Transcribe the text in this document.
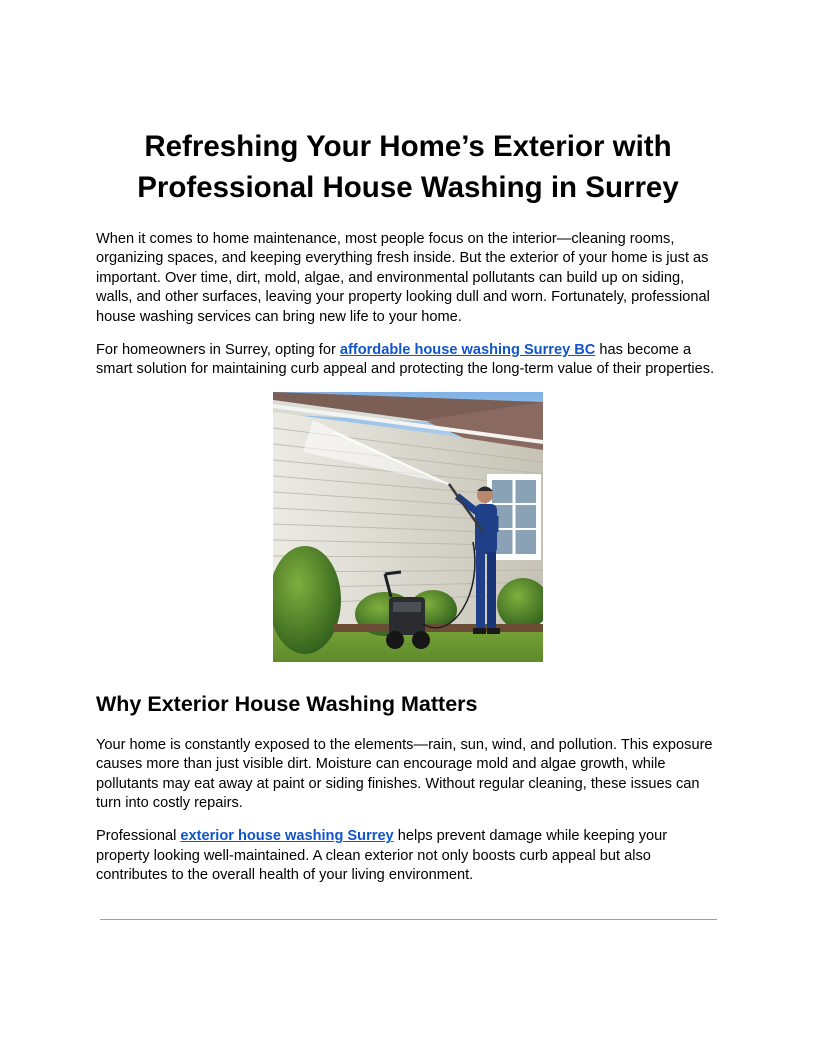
Refreshing Your Home’s Exterior with Professional House Washing in Surrey

When it comes to home maintenance, most people focus on the interior—cleaning rooms, organizing spaces, and keeping everything fresh inside. But the exterior of your home is just as important. Over time, dirt, mold, algae, and environmental pollutants can build up on siding, walls, and other surfaces, leaving your property looking dull and worn. Fortunately, professional house washing services can bring new life to your home.

For homeowners in Surrey, opting for affordable house washing Surrey BC has become a smart solution for maintaining curb appeal and protecting the long-term value of their properties.

Why Exterior House Washing Matters

Your home is constantly exposed to the elements—rain, sun, wind, and pollution. This exposure causes more than just visible dirt. Moisture can encourage mold and algae growth, while pollutants may eat away at paint or siding finishes. Without regular cleaning, these issues can turn into costly repairs.

Professional exterior house washing Surrey helps prevent damage while keeping your property looking well-maintained. A clean exterior not only boosts curb appeal but also contributes to the overall health of your living environment.
